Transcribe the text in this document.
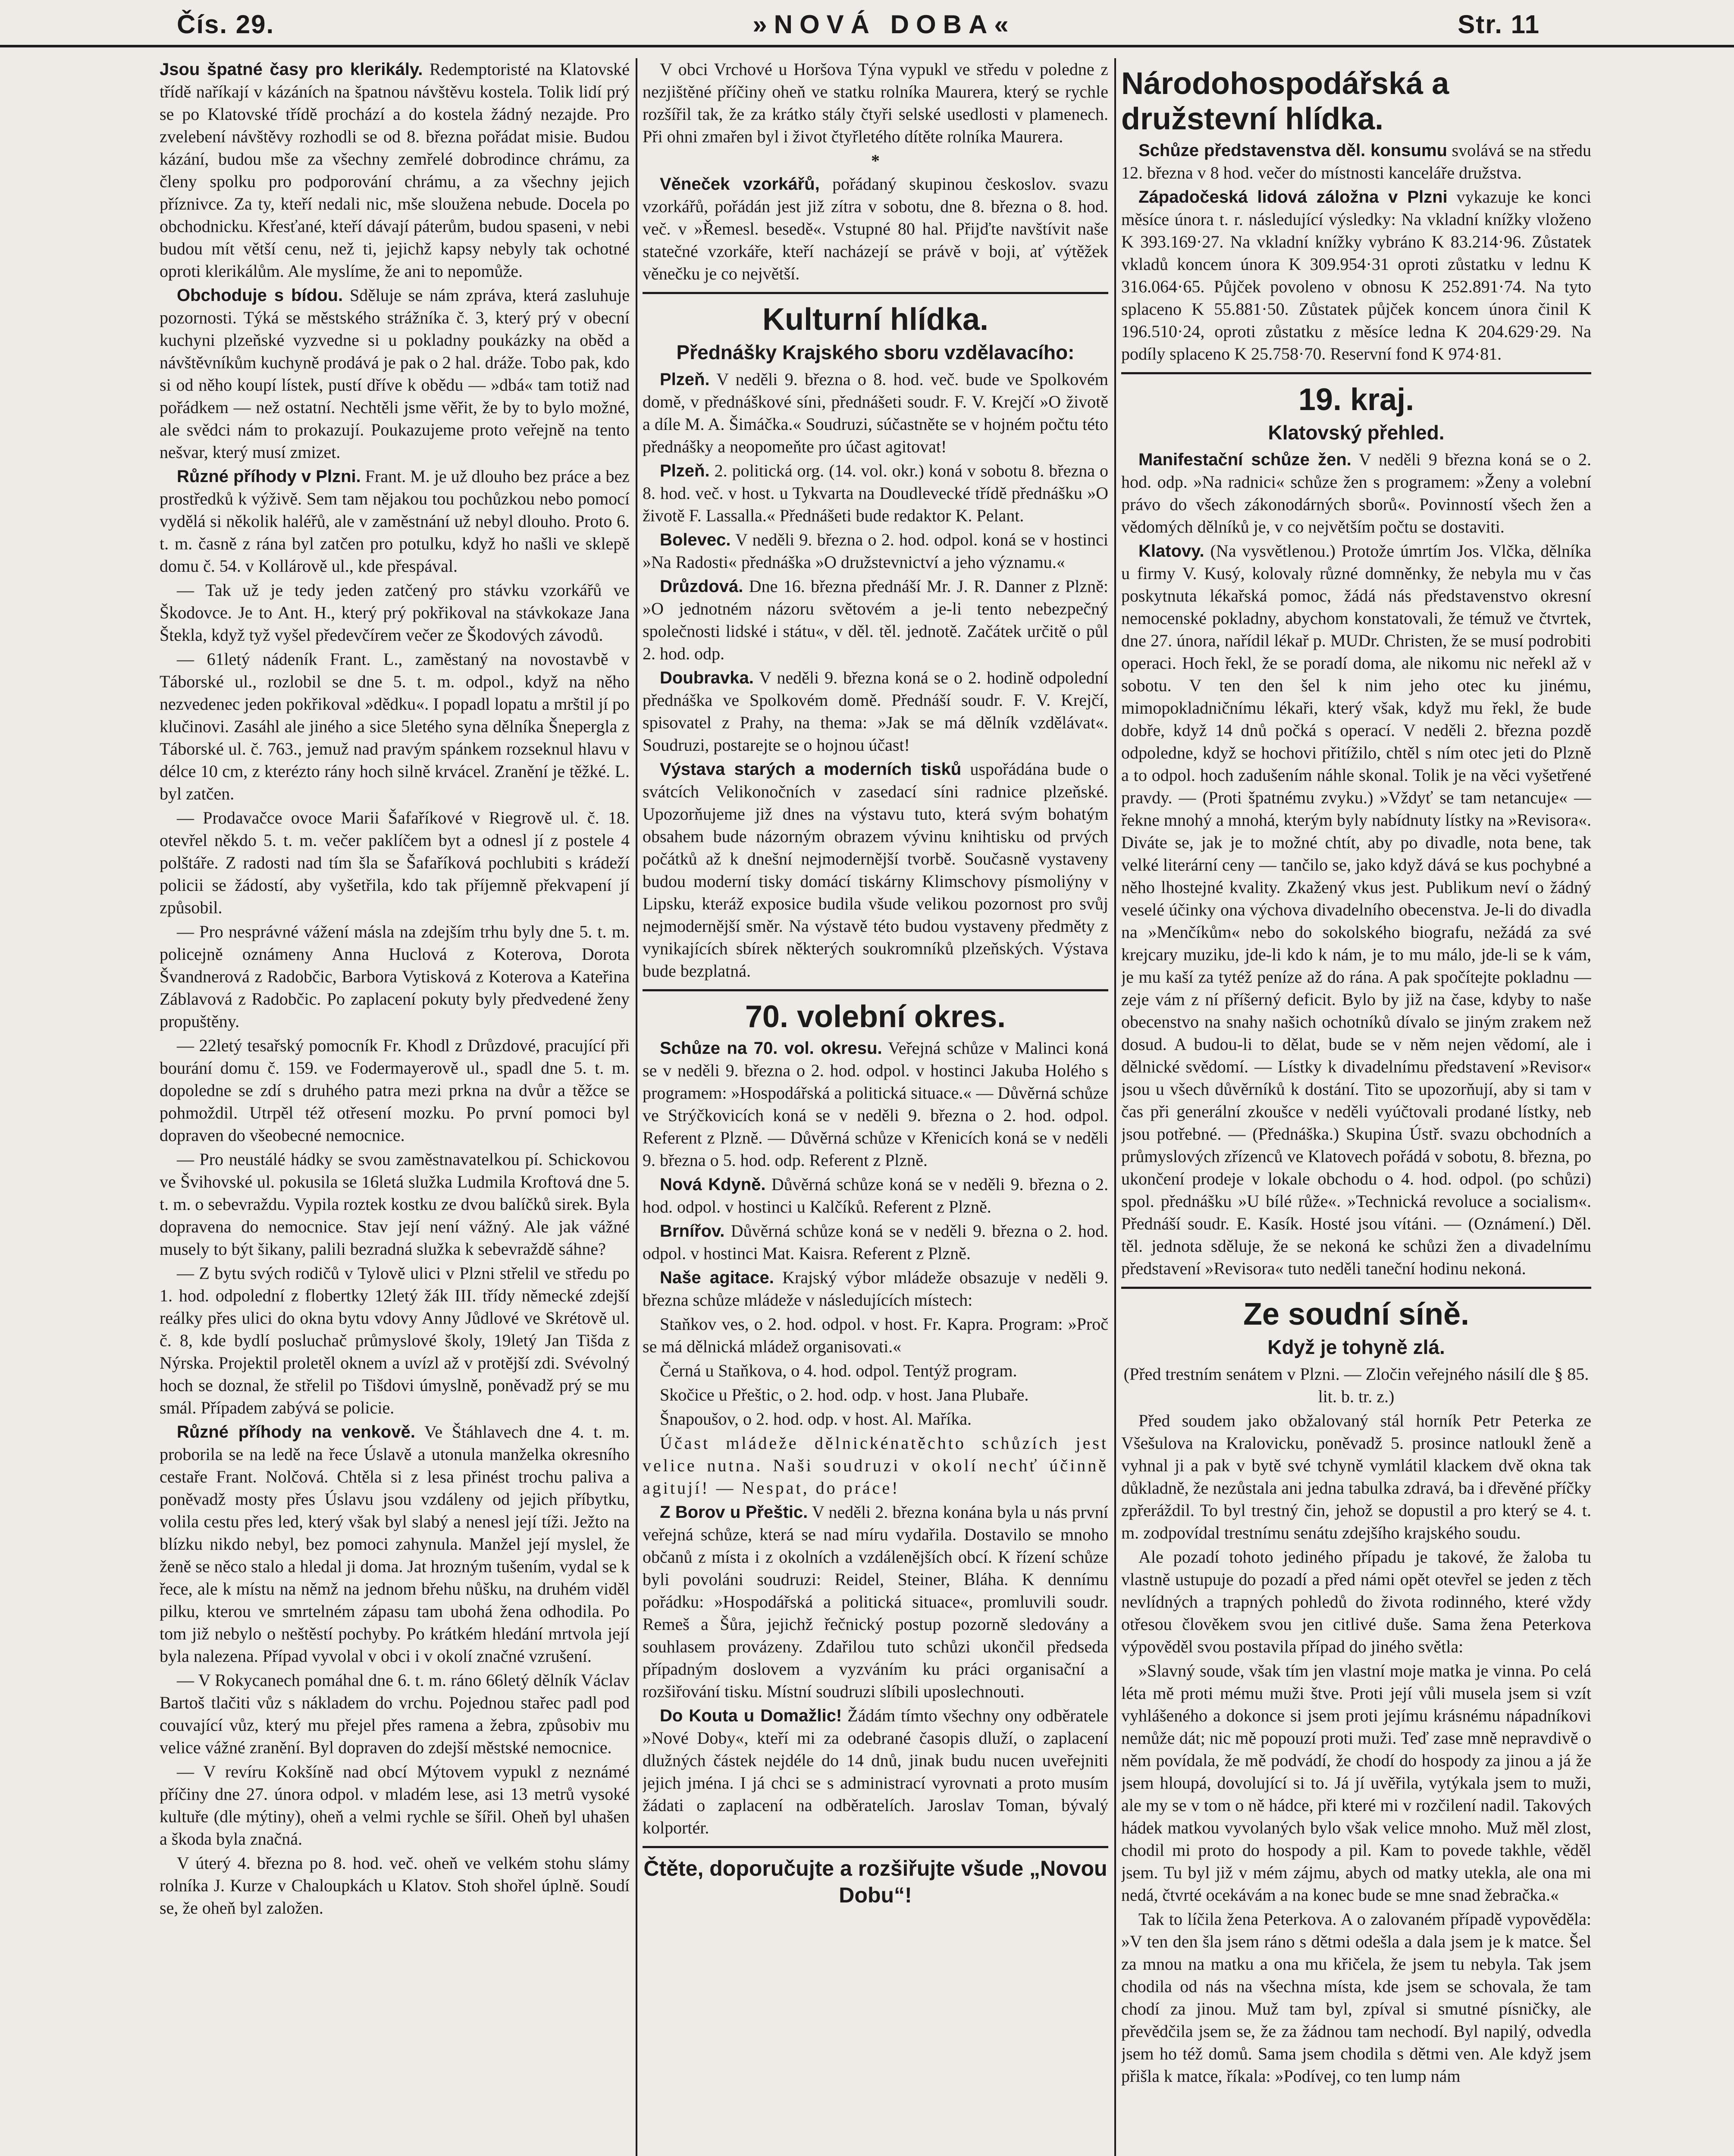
Čís. 29.	»NOVÁ DOBA«	Str. 11

Jsou špatné časy pro klerikály. Redemptoristé na Klatovské třídě naříkají v kázáních na špatnou návštěvu kostela. Tolik lidí prý se po Klatovské třídě prochází a do kostela žádný nezajde. Pro zvelebení návštěvy rozhodli se od 8. března pořádat misie. Budou kázání, budou mše za všechny zemřelé dobrodince chrámu, za členy spolku pro podporování chrámu, a za všechny jejich příznivce. Za ty, kteří nedali nic, mše sloužena nebude. Docela po obchodnicku. Křesťané, kteří dávají páterům, budou spaseni, v nebi budou mít větší cenu, než ti, jejichž kapsy nebyly tak ochotné oproti klerikálům. Ale myslíme, že ani to nepomůže.

Obchoduje s bídou. Sděluje se nám zpráva, která zasluhuje pozornosti. Týká se městského strážníka č. 3, který prý v obecní kuchyni plzeňské vyzvedne si u pokladny poukázky na oběd a návštěvníkům kuchyně prodává je pak o 2 hal. dráže. Tobo pak, kdo si od něho koupí lístek, pustí dříve k obědu — »dbá« tam totiž nad pořádkem — než ostatní. Nechtěli jsme věřit, že by to bylo možné, ale svědci nám to prokazují. Poukazujeme proto veřejně na tento nešvar, který musí zmizet.

Různé příhody v Plzni. Frant. M. je už dlouho bez práce a bez prostředků k výživě. Sem tam nějakou tou pochůzkou nebo pomocí vydělá si několik haléřů, ale v zaměstnání už nebyl dlouho. Proto 6. t. m. časně z rána byl zatčen pro potulku, když ho našli ve sklepě domu č. 54. v Kollárově ul., kde přespával.

— Tak už je tedy jeden zatčený pro stávku vzorkářů ve Škodovce. Je to Ant. H., který prý pokřikoval na stávkokaze Jana Štekla, když tyž vyšel předevčírem večer ze Škodových závodů.

— 61letý nádeník Frant. L., zaměstaný na novostavbě v Táborské ul., rozlobil se dne 5. t. m. odpol., když na něho nezvedenec jeden pokřikoval »dědku«. I popadl lopatu a mrštil jí po klučinovi. Zasáhl ale jiného a sice 5letého syna dělníka Šnepergla z Táborské ul. č. 763., jemuž nad pravým spánkem rozseknul hlavu v délce 10 cm, z kterézto rány hoch silně krvácel. Zranění je těžké. L. byl zatčen.

— Prodavačce ovoce Marii Šafaříkové v Riegrově ul. č. 18. otevřel někdo 5. t. m. večer paklíčem byt a odnesl jí z postele 4 polštáře. Z radosti nad tím šla se Šafaříková pochlubiti s krádeží policii se žádostí, aby vyšetřila, kdo tak příjemně překvapení jí způsobil.

— Pro nesprávné vážení másla na zdejším trhu byly dne 5. t. m. policejně oznámeny Anna Huclová z Koterova, Dorota Švandnerová z Radobčic, Barbora Vytisková z Koterova a Kateřina Záblavová z Radobčic. Po zaplacení pokuty byly předvedené ženy propuštěny.

— 22letý tesařský pomocník Fr. Khodl z Drůzdové, pracující při bourání domu č. 159. ve Fodermayerově ul., spadl dne 5. t. m. dopoledne se zdí s druhého patra mezi prkna na dvůr a těžce se pohmoždil. Utrpěl též otřesení mozku. Po první pomoci byl dopraven do všeobecné nemocnice.

— Pro neustálé hádky se svou zaměstnavatelkou pí. Schickovou ve Švihovské ul. pokusila se 16letá služka Ludmila Kroftová dne 5. t. m. o sebevraždu. Vypila roztek kostku ze dvou balíčků sirek. Byla dopravena do nemocnice. Stav její není vážný. Ale jak vážné musely to být šikany, palili bezradná služka k sebevraždě sáhne?

— Z bytu svých rodičů v Tylově ulici v Plzni střelil ve středu po 1. hod. odpolední z flobertky 12letý žák III. třídy německé zdejší reálky přes ulici do okna bytu vdovy Anny Jůdlové ve Skrétově ul. č. 8, kde bydlí posluchač průmyslové školy, 19letý Jan Tišda z Nýrska. Projektil proletěl oknem a uvízl až v protější zdi. Svévolný hoch se doznal, že střelil po Tišdovi úmyslně, poněvadž prý se mu smál. Případem zabývá se policie.

Různé příhody na venkově. Ve Štáhlavech dne 4. t. m. proborila se na ledě na řece Úslavě a utonula manželka okresního cestaře Frant. Nolčová. Chtěla si z lesa přinést trochu paliva a poněvadž mosty přes Úslavu jsou vzdáleny od jejich příbytku, volila cestu přes led, který však byl slabý a nenesl její tíži. Ježto na blízku nikdo nebyl, bez pomoci zahynula. Manžel její myslel, že ženě se něco stalo a hledal ji doma. Jat hrozným tušením, vydal se k řece, ale k místu na němž na jednom břehu nůšku, na druhém viděl pilku, kterou ve smrtelném zápasu tam ubohá žena odhodila. Po tom již nebylo o neštěstí pochyby. Po krátkém hledání mrtvola její byla nalezena. Případ vyvolal v obci i v okolí značné vzrušení.

— V Rokycanech pomáhal dne 6. t. m. ráno 66letý dělník Václav Bartoš tlačiti vůz s nákladem do vrchu. Pojednou stařec padl pod couvající vůz, který mu přejel přes ramena a žebra, způsobiv mu velice vážné zranění. Byl dopraven do zdejší městské nemocnice.

— V revíru Kokšíně nad obcí Mýtovem vypukl z neznámé příčiny dne 27. února odpol. v mladém lese, asi 13 metrů vysoké kultuře (dle mýtiny), oheň a velmi rychle se šířil. Oheň byl uhašen a škoda byla značná.

V úterý 4. března po 8. hod. več. oheň ve velkém stohu slámy rolníka J. Kurze v Chaloupkách u Klatov. Stoh shořel úplně. Soudí se, že oheň byl založen.

V obci Vrchové u Horšova Týna vypukl ve středu v poledne z nezjištěné příčiny oheň ve statku rolníka Maurera, který se rychle rozšířil tak, že za krátko stály čtyři selské usedlosti v plamenech. Při ohni zmařen byl i život čtyřletého dítěte rolníka Maurera.

*

Věneček vzorkářů, pořádaný skupinou českoslov. svazu vzorkářů, pořádán jest již zítra v sobotu, dne 8. března o 8. hod. več. v »Řemesl. besedě«. Vstupné 80 hal. Přijďte navštívit naše statečné vzorkáře, kteří nacházejí se právě v boji, ať výtěžek věnečku je co největší.

Kulturní hlídka.
Přednášky Krajského sboru vzdělavacího:

Plzeň. V neděli 9. března o 8. hod. več. bude ve Spolkovém domě, v přednáškové síni, přednášeti soudr. F. V. Krejčí »O životě a díle M. A. Šimáčka.« Soudruzi, súčastněte se v hojném počtu této přednášky a neopomeňte pro účast agitovat!

Plzeň. 2. politická org. (14. vol. okr.) koná v sobotu 8. března o 8. hod. več. v host. u Tykvarta na Doudlevecké třídě přednášku »O životě F. Lassalla.« Přednášeti bude redaktor K. Pelant.

Bolevec. V neděli 9. března o 2. hod. odpol. koná se v hostinci »Na Radosti« přednáška »O družstevnictví a jeho významu.«

Drůzdová. Dne 16. března přednáší Mr. J. R. Danner z Plzně: »O jednotném názoru světovém a je-li tento nebezpečný společnosti lidské i státu«, v děl. těl. jednotě. Začátek určitě o půl 2. hod. odp.

Doubravka. V neděli 9. března koná se o 2. hodině odpolední přednáška ve Spolkovém domě. Přednáší soudr. F. V. Krejčí, spisovatel z Prahy, na thema: »Jak se má dělník vzdělávat«. Soudruzi, postarejte se o hojnou účast!

Výstava starých a moderních tisků uspořádána bude o svátcích Velikonočních v zasedací síni radnice plzeňské. Upozorňujeme již dnes na výstavu tuto, která svým bohatým obsahem bude názorným obrazem vývinu knihtisku od prvých počátků až k dnešní nejmodernější tvorbě. Současně vystaveny budou moderní tisky domácí tiskárny Klimschovy písmoliýny v Lipsku, kteráž exposice budila všude velikou pozornost pro svůj nejmodernější směr. Na výstavě této budou vystaveny předměty z vynikajících sbírek některých soukromníků plzeňských. Výstava bude bezplatná.

70. volební okres.

Schůze na 70. vol. okresu. Veřejná schůze v Malinci koná se v neděli 9. března o 2. hod. odpol. v hostinci Jakuba Holého s programem: »Hospodářská a politická situace.« — Důvěrná schůze ve Strýčkovicích koná se v neděli 9. března o 2. hod. odpol. Referent z Plzně. — Důvěrná schůze v Křenicích koná se v neděli 9. března o 5. hod. odp. Referent z Plzně.

Nová Kdyně. Důvěrná schůze koná se v neděli 9. března o 2. hod. odpol. v hostinci u Kalčíků. Referent z Plzně.

Brnířov. Důvěrná schůze koná se v neděli 9. března o 2. hod. odpol. v hostinci Mat. Kaisra. Referent z Plzně.

Naše agitace. Krajský výbor mládeže obsazuje v neděli 9. března schůze mládeže v následujících místech:

Staňkov ves, o 2. hod. odpol. v host. Fr. Kapra. Program: »Proč se má dělnická mládež organisovati.«

Černá u Staňkova, o 4. hod. odpol. Tentýž program.

Skočice u Přeštic, o 2. hod. odp. v host. Jana Plubaře.

Šnapoušov, o 2. hod. odp. v host. Al. Maříka.

Účast mládeže dělnickénatěchto schůzích jest velice nutna. Naši soudruzi v okolí nechť účinně agitují! — Nespat, do práce!

Z Borov u Přeštic. V neděli 2. března konána byla u nás první veřejná schůze, která se nad míru vydařila. Dostavilo se mnoho občanů z místa i z okolních a vzdálenějších obcí. K řízení schůze byli povoláni soudruzi: Reidel, Steiner, Bláha. K dennímu pořádku: »Hospodářská a politická situace«, promluvili soudr. Remeš a Šůra, jejichž řečnický postup pozorně sledovány a souhlasem provázeny. Zdařilou tuto schůzi ukončil předseda případným doslovem a vyzváním ku práci organisační a rozšiřování tisku. Místní soudruzi slíbili uposlechnouti.

Do Kouta u Domažlic! Žádám tímto všechny ony odběratele »Nové Doby«, kteří mi za odebrané časopis dluží, o zaplacení dlužných částek nejdéle do 14 dnů, jinak budu nucen uveřejniti jejich jména. I já chci se s administrací vyrovnati a proto musím žádati o zaplacení na odběratelích. Jaroslav Toman, bývalý kolportér.

Čtěte, doporučujte a rozšiřujte všude „Novou Dobu“!
Národohospodářská a družstevní hlídka.

Schůze představenstva děl. konsumu svolává se na středu 12. března v 8 hod. večer do místnosti kanceláře družstva.

Západočeská lidová záložna v Plzni vykazuje ke konci měsíce února t. r. následující výsledky: Na vkladní knížky vloženo K 393.169·27. Na vkladní knížky vybráno K 83.214·96. Zůstatek vkladů koncem února K 309.954·31 oproti zůstatku v lednu K 316.064·65. Půjček povoleno v obnosu K 252.891·74. Na tyto splaceno K 55.881·50. Zůstatek půjček koncem února činil K 196.510·24, oproti zůstatku z měsíce ledna K 204.629·29. Na podíly splaceno K 25.758·70. Reservní fond K 974·81.

19. kraj.
Klatovský přehled.

Manifestační schůze žen. V neděli 9 března koná se o 2. hod. odp. »Na radnici« schůze žen s programem: »Ženy a volební právo do všech zákonodárných sborů«. Povinností všech žen a vědomých dělníků je, v co největším počtu se dostaviti.

Klatovy. (Na vysvětlenou.) Protože úmrtím Jos. Vlčka, dělníka u firmy V. Kusý, kolovaly různé domněnky, že nebyla mu v čas poskytnuta lékařská pomoc, žádá nás představenstvo okresní nemocenské pokladny, abychom konstatovali, že témuž ve čtvrtek, dne 27. února, nařídil lékař p. MUDr. Christen, že se musí podrobiti operaci. Hoch řekl, že se poradí doma, ale nikomu nic neřekl až v sobotu. V ten den šel k nim jeho otec ku jinému, mimopokladničnímu lékaři, který však, když mu řekl, že bude dobře, když 14 dnů počká s operací. V neděli 2. března pozdě odpoledne, když se hochovi přitížilo, chtěl s ním otec jeti do Plzně a to odpol. hoch zadušením náhle skonal. Tolik je na věci vyšetřené pravdy. — (Proti špatnému zvyku.) »Vždyť se tam netancuje« — řekne mnohý a mnohá, kterým byly nabídnuty lístky na »Revisora«. Diváte se, jak je to možné chtít, aby po divadle, nota bene, tak velké literární ceny — tančilo se, jako když dává se kus pochybné a něho lhostejné kvality. Zkažený vkus jest. Publikum neví o žádný veselé účinky ona výchova divadelního obecenstva. Je-li do divadla na »Menčíkům« nebo do sokolského biografu, nežádá za své krejcary muziku, jde-li kdo k nám, je to mu málo, jde-li se k vám, je mu kaší za tytéž peníze až do rána. A pak spočítejte pokladnu — zeje vám z ní příšerný deficit. Bylo by již na čase, kdyby to naše obecenstvo na snahy našich ochotníků dívalo se jiným zrakem než dosud. A budou-li to dělat, bude se v něm nejen vědomí, ale i dělnické svědomí. — Lístky k divadelnímu představení »Revisor« jsou u všech důvěrníků k dostání. Tito se upozorňují, aby si tam v čas při generální zkoušce v neděli vyúčtovali prodané lístky, neb jsou potřebné. — (Přednáška.) Skupina Ústř. svazu obchodních a průmyslových zřízenců ve Klatovech pořádá v sobotu, 8. března, po ukončení prodeje v lokale obchodu o 4. hod. odpol. (po schůzi) spol. přednášku »U bílé růže«. »Technická revoluce a socialism«. Přednáší soudr. E. Kasík. Hosté jsou vítáni. — (Oznámení.) Děl. těl. jednota sděluje, že se nekoná ke schůzi žen a divadelnímu představení »Revisora« tuto neděli taneční hodinu nekoná.

Ze soudní síně.
Když je tohyně zlá.

(Před trestním senátem v Plzni. — Zločin veřejného násilí dle § 85. lit. b. tr. z.)

Před soudem jako obžalovaný stál horník Petr Peterka ze Všešulova na Kralovicku, poněvadž 5. prosince natloukl ženě a vyhnal ji a pak v bytě své tchyně vymlátil klackem dvě okna tak důkladně, že nezůstala ani jedna tabulka zdravá, ba i dřevěné příčky zpřeráždil. To byl trestný čin, jehož se dopustil a pro který se 4. t. m. zodpovídal trestnímu senátu zdejšího krajského soudu.

Ale pozadí tohoto jediného případu je takové, že žaloba tu vlastně ustupuje do pozadí a před námi opět otevřel se jeden z těch nevlídných a trapných pohledů do života rodinného, které vždy otřesou člověkem svou jen citlivé duše. Sama žena Peterkova výpověděl svou postavila případ do jiného světla:

»Slavný soude, však tím jen vlastní moje matka je vinna. Po celá léta mě proti mému muži štve. Proti její vůli musela jsem si vzít vyhlášeného a dokonce si jsem proti jejímu krásnému nápadníkovi nemůže dát; nic mě popouzí proti muži. Teď zase mně nepravdivě o něm povídala, že mě podvádí, že chodí do hospody za jinou a já že jsem hloupá, dovolující si to. Já jí uvěřila, vytýkala jsem to muži, ale my se v tom o ně hádce, při které mi v rozčilení nadil. Takových hádek matkou vyvolaných bylo však velice mnoho. Muž měl zlost, chodil mi proto do hospody a pil. Kam to povede takhle, věděl jsem. Tu byl již v mém zájmu, abych od matky utekla, ale ona mi nedá, čtvrté ocekávám a na konec bude se mne snad žebračka.«

Tak to líčila žena Peterkova. A o zalovaném případě vypověděla: »V ten den šla jsem ráno s dětmi odešla a dala jsem je k matce. Šel za mnou na matku a ona mu křičela, že jsem tu nebyla. Tak jsem chodila od nás na všechna místa, kde jsem se schovala, že tam chodí za jinou. Muž tam byl, zpíval si smutné písničky, ale převědčila jsem se, že za žádnou tam nechodí. Byl napilý, odvedla jsem ho též domů. Sama jsem chodila s dětmi ven. Ale když jsem přišla k matce, říkala: »Podívej, co ten lump nám
